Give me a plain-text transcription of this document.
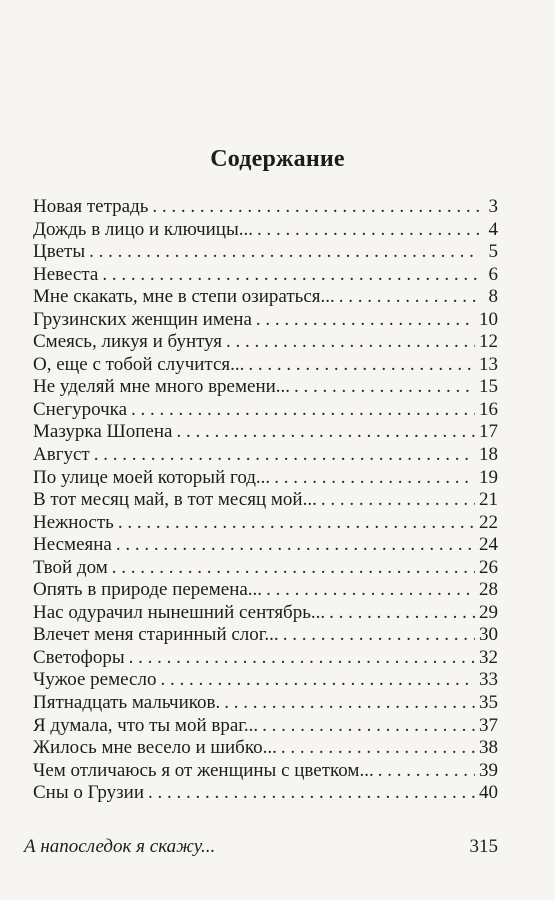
Содержание
Новая тетрадь . . .	3
Дождь в лицо и ключицы... . . .	4
Цветы . . .	5
Невеста . . .	6
Мне скакать, мне в степи озираться... . . .	8
Грузинских женщин имена . . .	10
Смеясь, ликуя и бунтуя . . .	12
О, еще с тобой случится... . . .	13
Не уделяй мне много времени... . . .	15
Снегурочка . . .	16
Мазурка Шопена . . .	17
Август . . .	18
По улице моей который год... . . .	19
В тот месяц май, в тот месяц мой... . . .	21
Нежность . . .	22
Несмеяна . . .	24
Твой дом . . .	26
Опять в природе перемена... . . .	28
Нас одурачил нынешний сентябрь... . . .	29
Влечет меня старинный слог... . . .	30
Светофоры . . .	32
Чужое ремесло . . .	33
Пятнадцать мальчиков. . . .	35
Я думала, что ты мой враг... . . .	37
Жилось мне весело и шибко... . . .	38
Чем отличаюсь я от женщины с цветком... . . .	39
Сны о Грузии . . .	40
А напоследок я скажу...	315
